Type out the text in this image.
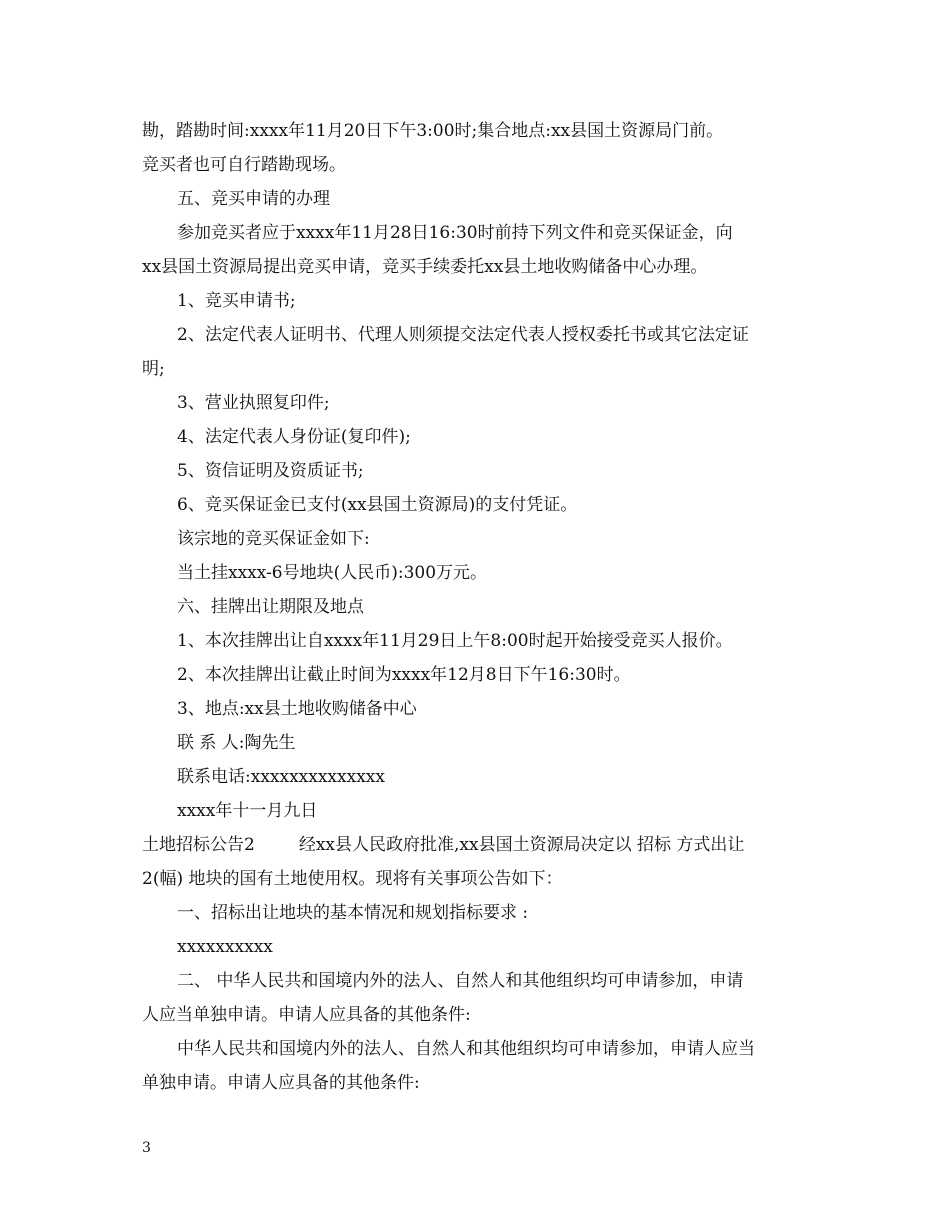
勘，踏勘时间:xxxx年11月20日下午3:00时;集合地点:xx县国土资源局门前。
竞买者也可自行踏勘现场。
五、竞买申请的办理
参加竞买者应于xxxx年11月28日16:30时前持下列文件和竞买保证金，向
xx县国土资源局提出竞买申请，竞买手续委托xx县土地收购储备中心办理。
1、竞买申请书;
2、法定代表人证明书、代理人则须提交法定代表人授权委托书或其它法定证
明;
3、营业执照复印件;
4、法定代表人身份证(复印件);
5、资信证明及资质证书;
6、竞买保证金已支付(xx县国土资源局)的支付凭证。
该宗地的竞买保证金如下:
当土挂xxxx-6号地块(人民币):300万元。
六、挂牌出让期限及地点
1、本次挂牌出让自xxxx年11月29日上午8:00时起开始接受竞买人报价。
2、本次挂牌出让截止时间为xxxx年12月8日下午16:30时。
3、地点:xx县土地收购储备中心
联 系 人:陶先生
联系电话:xxxxxxxxxxxxxx
xxxx年十一月九日
土地招标公告2	经xx县人民政府批准,xx县国土资源局决定以 招标 方式出让
2(幅) 地块的国有土地使用权。现将有关事项公告如下：
一、招标出让地块的基本情况和规划指标要求 :
xxxxxxxxxx
二、 中华人民共和国境内外的法人、自然人和其他组织均可申请参加，申请
人应当单独申请。申请人应具备的其他条件:
中华人民共和国境内外的法人、自然人和其他组织均可申请参加，申请人应当
单独申请。申请人应具备的其他条件:
3
